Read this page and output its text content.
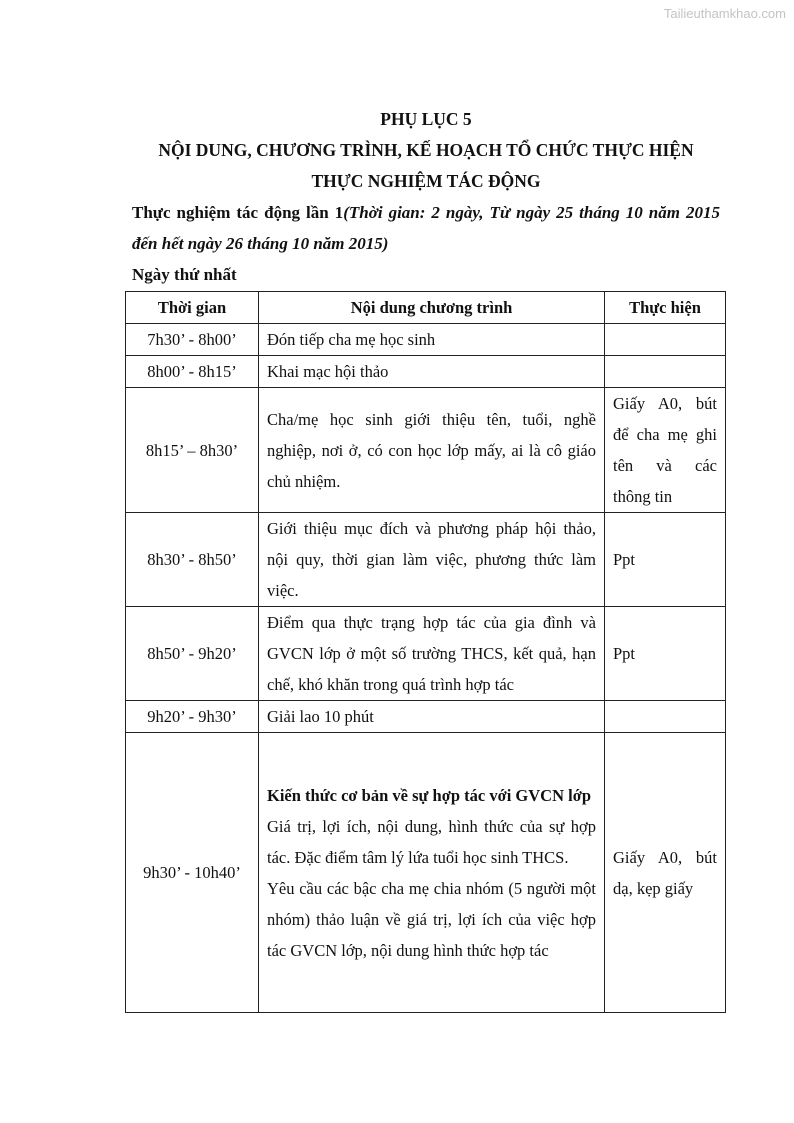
Tailieuthamkhao.com

PHỤ LỤC 5

NỘI DUNG, CHƯƠNG TRÌNH, KẾ HOẠCH TỔ CHỨC THỰC HIỆN

THỰC NGHIỆM TÁC ĐỘNG

Thực nghiệm tác động lần 1(Thời gian: 2 ngày, Từ ngày 25 tháng 10 năm 2015 đến hết ngày 26 tháng 10 năm 2015)

Ngày thứ nhất

Thời gian	Nội dung chương trình	Thực hiện
7h30’ - 8h00’	Đón tiếp cha mẹ học sinh	
8h00’ - 8h15’	Khai mạc hội thảo	
8h15’ – 8h30’	Cha/mẹ học sinh giới thiệu tên, tuổi, nghề nghiệp, nơi ở, có con học lớp mấy, ai là cô giáo chủ nhiệm.	Giấy A0, bút để cha mẹ ghi tên và các thông tin
8h30’ - 8h50’	Giới thiệu mục đích và phương pháp hội thảo, nội quy, thời gian làm việc, phương thức làm việc.	Ppt
8h50’ - 9h20’	Điểm qua thực trạng hợp tác của gia đình và GVCN lớp ở một số trường THCS, kết quả, hạn chế, khó khăn trong quá trình hợp tác	Ppt
9h20’ - 9h30’	Giải lao 10 phút	
9h30’ - 10h40’	Kiến thức cơ bản về sự hợp tác với GVCN lớp
Giá trị, lợi ích, nội dung, hình thức của sự hợp tác. Đặc điểm tâm lý lứa tuổi học sinh THCS.
Yêu cầu các bậc cha mẹ chia nhóm (5 người một nhóm) thảo luận về giá trị, lợi ích của việc hợp tác GVCN lớp, nội dung hình thức hợp tác	Giấy A0, bút dạ, kẹp giấy
